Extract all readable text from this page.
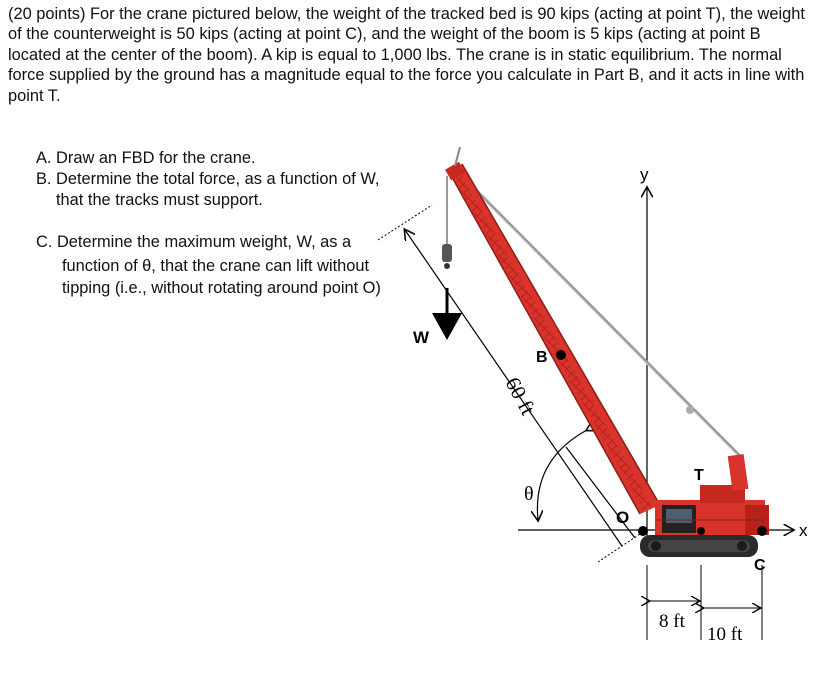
(20 points) For the crane pictured below, the weight of the tracked bed is 90 kips (acting at point T), the weight of the counterweight is 50 kips (acting at point C), and the weight of the boom is 5 kips (acting at point B located at the center of the boom). A kip is equal to 1,000 lbs. The crane is in static equilibrium. The normal force supplied by the ground has a magnitude equal to the force you calculate in Part B, and it acts in line with point T.

A. Draw an FBD for the crane.
B. Determine the total force, as a function of W,
that the tracks must support.
C. Determine the maximum weight, W, as a
function of θ, that the crane can lift without
tipping (i.e., without rotating around point O)
W
B
60 ft
θ
O
T
C
x
y
8 ft
10 ft
